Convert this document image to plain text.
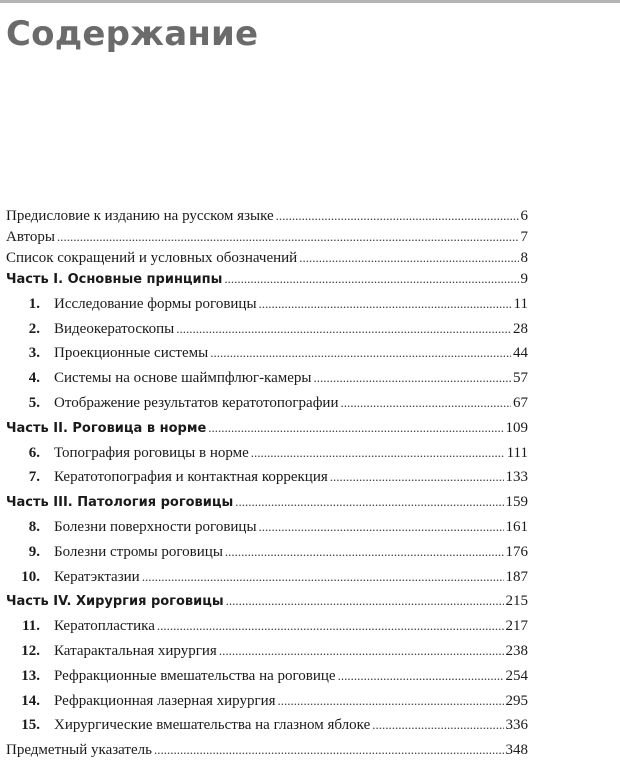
Содержание
Предисловие к изданию на русском языке .....	6
Авторы .....	7
Список сокращений и условных обозначений .....	8
Часть I. Основные принципы .....	9
1. Исследование формы роговицы .....	11
2. Видеокератоскопы .....	28
3. Проекционные системы .....	44
4. Системы на основе шаймпфлюг-камеры .....	57
5. Отображение результатов кератотопографии .....	67
Часть II. Роговица в норме .....	109
6. Топография роговицы в норме .....	111
7. Кератотопография и контактная коррекция .....	133
Часть III. Патология роговицы .....	159
8. Болезни поверхности роговицы .....	161
9. Болезни стромы роговицы .....	176
10. Кератэктазии .....	187
Часть IV. Хирургия роговицы .....	215
11. Кератопластика .....	217
12. Катарактальная хирургия .....	238
13. Рефракционные вмешательства на роговице .....	254
14. Рефракционная лазерная хирургия .....	295
15. Хирургические вмешательства на глазном яблоке .....	336
Предметный указатель .....	348
